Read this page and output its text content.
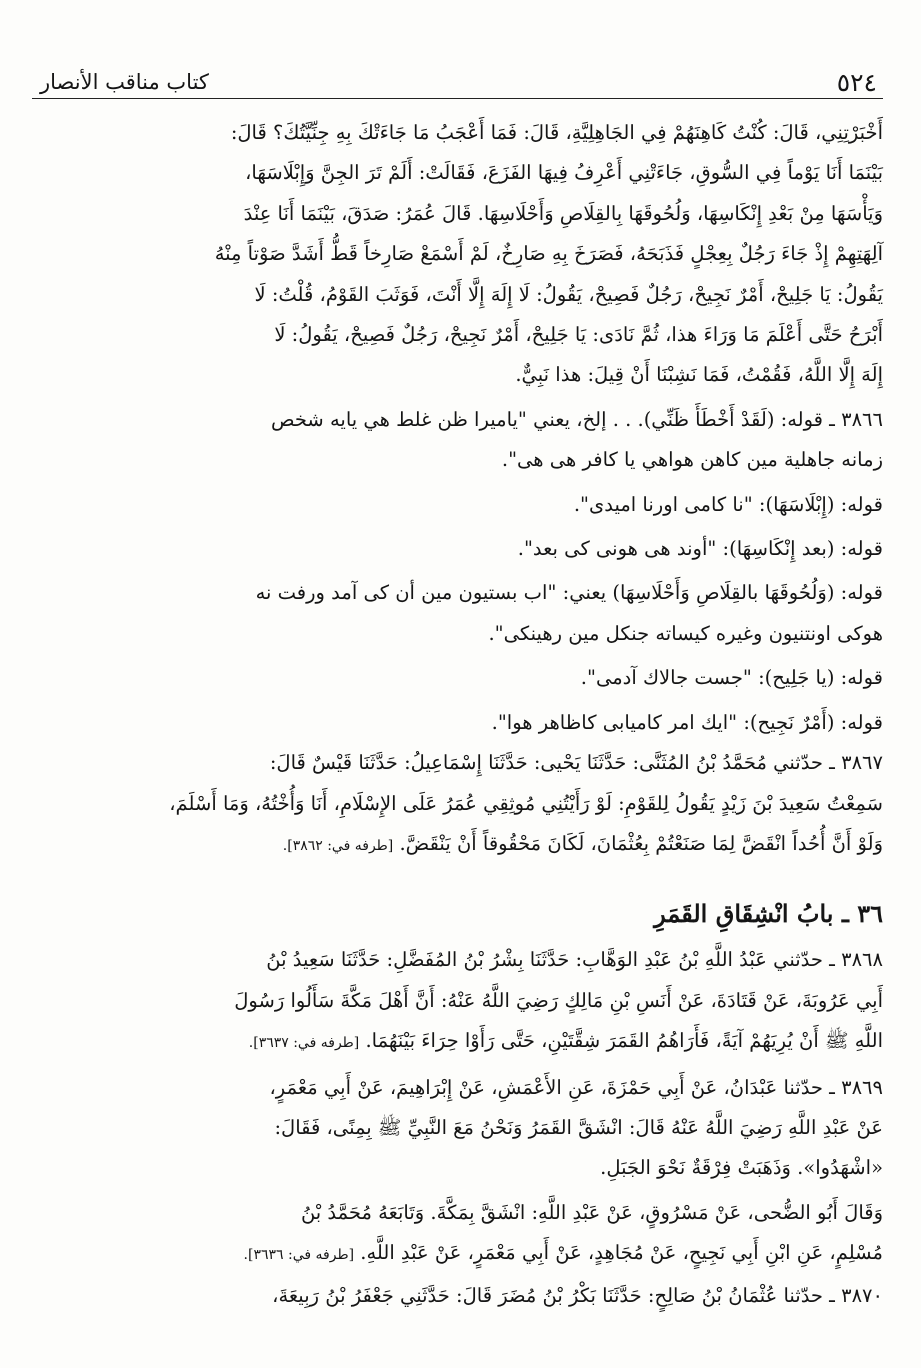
٥٢٤
كتاب مناقب الأنصار

أَخْبَرْتِنِي، قَالَ: كُنْتُ كَاهِنَهُمْ فِي الجَاهِلِيَّةِ، قَالَ: فَمَا أَعْجَبُ مَا جَاءَتْكَ بِهِ جِنِّيَّتُكَ؟ قَالَ:

بَيْنَمَا أَنَا يَوْماً فِي السُّوقِ، جَاءَتْنِي أَعْرِفُ فِيهَا الفَزَعَ، فَقَالَتْ: أَلَمْ تَرَ الجِنَّ وَإِبْلَاسَهَا،

وَيَأْسَهَا مِنْ بَعْدِ إِنْكَاسِهَا، وَلُحُوقَهَا بِالقِلَاصِ وَأَحْلَاسِهَا. قَالَ عُمَرُ: صَدَقَ، بَيْنَمَا أَنَا عِنْدَ

آلِهَتِهِمْ إِذْ جَاءَ رَجُلٌ بِعِجْلٍ فَذَبَحَهُ، فَصَرَخَ بِهِ صَارِخٌ، لَمْ أَسْمَعْ صَارِخاً قَطُّ أَشَدَّ صَوْتاً مِنْهُ

يَقُولُ: يَا جَلِيحْ، أَمْرٌ نَجِيحْ، رَجُلٌ فَصِيحْ، يَقُولُ: لَا إِلَهَ إِلَّا أَنْتَ، فَوَثَبَ القَوْمُ، قُلْتُ: لَا

أَبْرَحُ حَتَّى أَعْلَمَ مَا وَرَاءَ هذا، ثُمَّ نَادَى: يَا جَلِيحْ، أَمْرٌ نَجِيحْ، رَجُلٌ فَصِيحْ، يَقُولُ: لَا

إِلَهَ إِلَّا اللَّهُ، فَقُمْتُ، فَمَا نَشِبْنَا أَنْ قِيلَ: هذا نَبِيٌّ.

٣٨٦٦ ـ قوله: (لَقَدْ أَخْطَأَ ظَنِّي). . . إلخ، يعني "ياميرا ظن غلط هي يايه شخص

زمانه جاهلية مين كاهن هواهي يا كافر هى هى".

قوله: (إِبْلَاسَهَا): "نا كامى اورنا اميدى".

قوله: (بعد إِنْكَاسِهَا): "أوند هى هونى كى بعد".

قوله: (وَلُحُوقَهَا بالقِلَاصِ وَأَحْلَاسِهَا) يعني: "اب بستيون مين أن كى آمد ورفت نه

هوكى اونتنيون وغيره كيساته جنكل مين رهينكى".

قوله: (يا جَلِيح): "جست جالاك آدمى".

قوله: (أَمْرٌ نَجِيح): "ايك امر كامیابى كاظاهر هوا".

٣٨٦٧ ـ حدّثني مُحَمَّدُ بْنُ المُثَنَّى: حَدَّثَنَا يَحْيى: حَدَّثَنَا إِسْمَاعِيلُ: حَدَّثَنَا قَيْسٌ قَالَ:

سَمِعْتُ سَعِيدَ بْنَ زَيْدٍ يَقُولُ لِلقَوْمِ: لَوْ رَأَيْتُنِي مُوثِقِي عُمَرُ عَلَى الإِسْلَامِ، أَنَا وَأُخْتُهُ، وَمَا أَسْلَمَ،

وَلَوْ أَنَّ أُحُداً انْقَضَّ لِمَا صَنَعْتُمْ بِعُثْمَانَ، لَكَانَ مَحْقُوقاً أَنْ يَنْقَضَّ. [طرفه في: ٣٨٦٢].

٣٦ ـ بابُ انْشِقَاقِ القَمَرِ

٣٨٦٨ ـ حدّثني عَبْدُ اللَّهِ بْنُ عَبْدِ الوَهَّابِ: حَدَّثَنَا بِشْرُ بْنُ المُفَضَّلِ: حَدَّثَنَا سَعِيدُ بْنُ

أَبِي عَرُوبَةَ، عَنْ قَتَادَةَ، عَنْ أَنَسِ بْنِ مَالِكٍ رَضِيَ اللَّهُ عَنْهُ: أَنَّ أَهْلَ مَكَّةَ سَأَلُوا رَسُولَ

اللَّهِ ﷺ أَنْ يُرِيَهُمْ آيَةً، فَأَرَاهُمُ القَمَرَ شِقَّتَيْنِ، حَتَّى رَأَوْا حِرَاءَ بَيْنَهُمَا. [طرفه في: ٣٦٣٧].

٣٨٦٩ ـ حدّثنا عَبْدَانُ، عَنْ أَبِي حَمْزَةَ، عَنِ الأَعْمَشِ، عَنْ إِبْرَاهِيمَ، عَنْ أَبِي مَعْمَرٍ،

عَنْ عَبْدِ اللَّهِ رَضِيَ اللَّهُ عَنْهُ قَالَ: انْشَقَّ القَمَرُ وَنَحْنُ مَعَ النَّبِيِّ ﷺ بِمِنًى، فَقَالَ:

«اشْهَدُوا». وَذَهَبَتْ فِرْقَةٌ نَحْوَ الجَبَلِ.

وَقَالَ أَبُو الضُّحى، عَنْ مَسْرُوقٍ، عَنْ عَبْدِ اللَّهِ: انْشَقَّ بِمَكَّةَ. وَتَابَعَهُ مُحَمَّدُ بْنُ

مُسْلِمٍ، عَنِ ابْنِ أَبِي نَجِيحٍ، عَنْ مُجَاهِدٍ، عَنْ أَبِي مَعْمَرٍ، عَنْ عَبْدِ اللَّهِ. [طرفه في: ٣٦٣٦].

٣٨٧٠ ـ حدّثنا عُثْمَانُ بْنُ صَالِحٍ: حَدَّثَنَا بَكْرُ بْنُ مُضَرَ قَالَ: حَدَّثَنِي جَعْفَرُ بْنُ رَبِيعَةَ،
